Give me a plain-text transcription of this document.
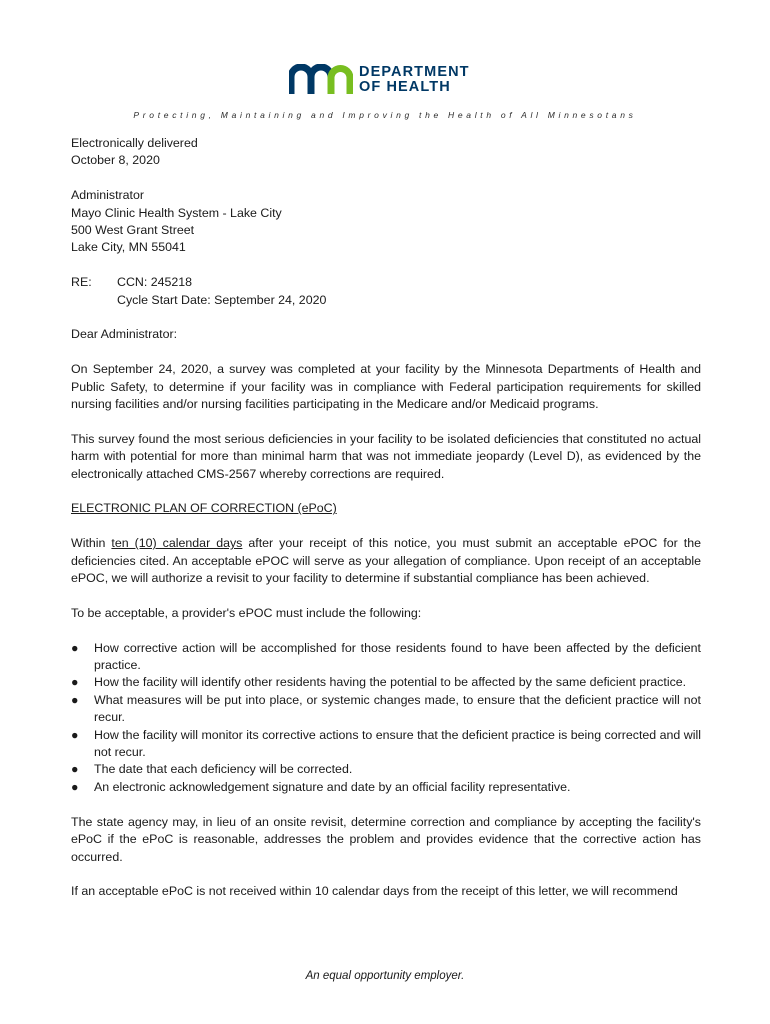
DEPARTMENT
OF HEALTH
Protecting, Maintaining and Improving the Health of All Minnesotans

Electronically delivered

October 8, 2020

Administrator

Mayo Clinic Health System - Lake City

500 West Grant Street

Lake City, MN 55041

RE:	CCN: 245218

Cycle Start Date: September 24, 2020

Dear Administrator:

On September 24, 2020, a survey was completed at your facility by the Minnesota Departments of Health and Public Safety, to determine if your facility was in compliance with Federal participation requirements for skilled nursing facilities and/or nursing facilities participating in the Medicare and/or Medicaid programs.

This survey found the most serious deficiencies in your facility to be isolated deficiencies that constituted no actual harm with potential for more than minimal harm that was not immediate jeopardy (Level D), as evidenced by the electronically attached CMS-2567 whereby corrections are required.

ELECTRONIC PLAN OF CORRECTION (ePoC)

Within ten (10) calendar days after your receipt of this notice, you must submit an acceptable ePOC for the deficiencies cited. An acceptable ePOC will serve as your allegation of compliance. Upon receipt of an acceptable ePOC, we will authorize a revisit to your facility to determine if substantial compliance has been achieved.

To be acceptable, a provider's ePOC must include the following:

● How corrective action will be accomplished for those residents found to have been affected by the deficient practice.
● How the facility will identify other residents having the potential to be affected by the same deficient practice.
● What measures will be put into place, or systemic changes made, to ensure that the deficient practice will not recur.
● How the facility will monitor its corrective actions to ensure that the deficient practice is being corrected and will not recur.
● The date that each deficiency will be corrected.
● An electronic acknowledgement signature and date by an official facility representative.

The state agency may, in lieu of an onsite revisit, determine correction and compliance by accepting the facility's ePoC if the ePoC is reasonable, addresses the problem and provides evidence that the corrective action has occurred.

If an acceptable ePoC is not received within 10 calendar days from the receipt of this letter, we will recommend

An equal opportunity employer.
